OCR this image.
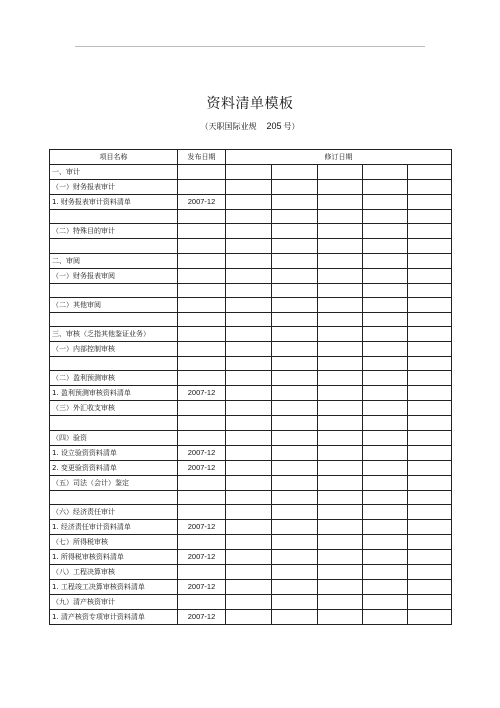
资料清单模板
（天职国际业规 205 号）
项目名称	发布日期	修订日期				
一、审计						
（一）财务报表审计						
1. 财务报表审计资料清单	2007-12					

（二）特殊目的审计						

二、审阅						
（一）财务报表审阅						

（二）其他审阅						

三、审核（乏指其他鉴证业务）						
（一）内部控制审核						

（二）盈利预测审核						
1. 盈利预测审核资料清单	2007-12					
（三）外汇收支审核						

（四）验资						
1. 设立验资资料清单	2007-12					
2. 变更验资资料清单	2007-12					
（五）司法（会计）鉴定						

（六）经济责任审计						
1. 经济责任审计资料清单	2007-12					
（七）所得税审核						
1. 所得税审核资料清单	2007-12					
（八）工程决算审核						
1. 工程竣工决算审核资料清单	2007-12					
（九）清产核资审计						
1. 清产核资专项审计资料清单	2007-12					
